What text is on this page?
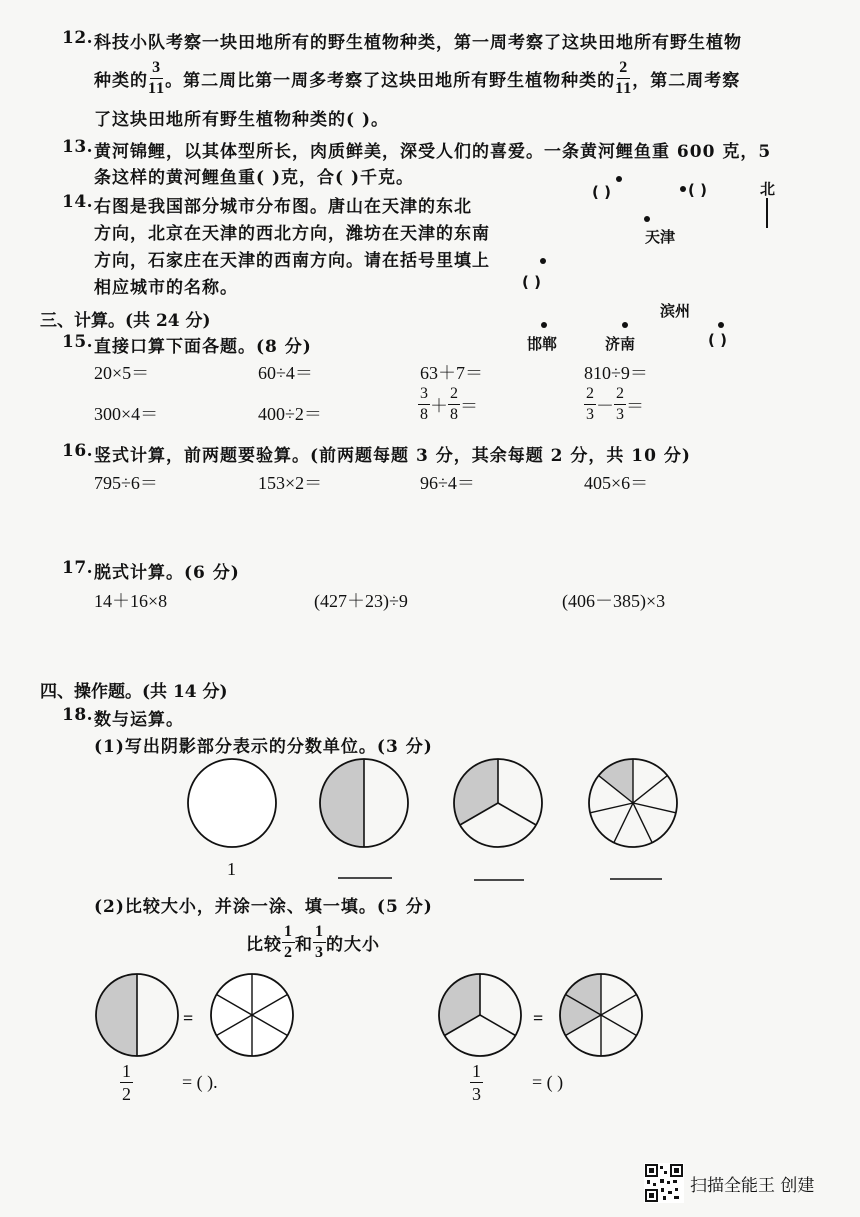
12. 科技小队考察一块田地所有的野生植物种类，第一周考察了这块田地所有野生植物
种类的 $\frac{3}{11}$ 。第二周比第一周多考察了这块田地所有野生植物种类的 $\frac{2}{11}$ ，第二周考察
了这块田地所有野生植物种类的( )。
13. 黄河锦鲤，以其体型所长，肉质鲜美，深受人们的喜爱。一条黄河鲤鱼重 600 克，5
条这样的黄河鲤鱼重( )克，合( )千克。
14. 右图是我国部分城市分布图。唐山在天津的东北
方向，北京在天津的西北方向，潍坊在天津的东南
方向，石家庄在天津的西南方向。请在括号里填上
相应城市的名称。
( )	( )	北
天津
( )
滨州
邯郸	济南	( )
三、计算。(共 24 分)
15. 直接口算下面各题。(8 分)
20×5＝	60÷4＝	63＋7＝	810÷9＝
300×4＝	400÷2＝	$\frac{3}{8} + \frac{2}{8}$ ＝	$\frac{2}{3} - \frac{2}{3}$ ＝
16. 竖式计算，前两题要验算。(前两题每题 3 分，其余每题 2 分，共 10 分)
795÷6＝	153×2＝	96÷4＝	405×6＝
17. 脱式计算。(6 分)
14＋16×8	(427＋23)÷9	(406－385)×3
四、操作题。(共 14 分)
18. 数与运算。
(1)写出阴影部分表示的分数单位。(3 分)
1
(2)比较大小，并涂一涂、填一填。(5 分)
比较 $\frac{1}{2}$ 和 $\frac{1}{3}$ 的大小
=	=
$\frac{1}{2}$	= ( ).	$\frac{1}{3}$	= ( )
扫描全能王 创建
